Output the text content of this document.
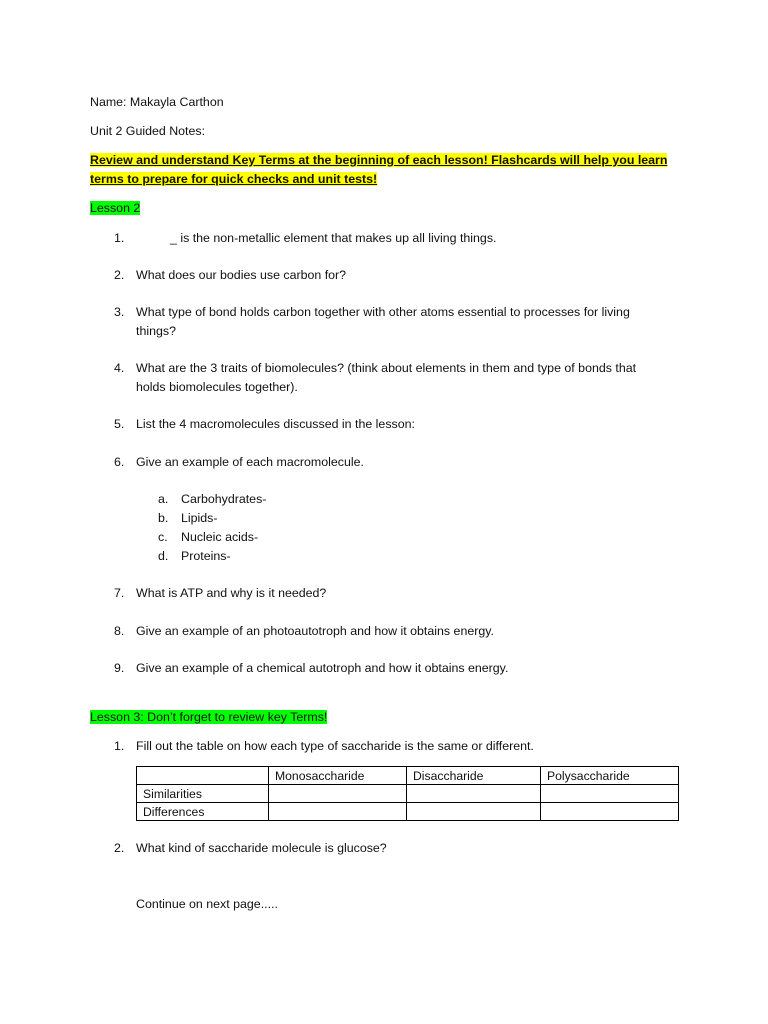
Name: Makayla Carthon
Unit 2 Guided Notes:
Review and understand Key Terms at the beginning of each lesson! Flashcards will help you learn
terms to prepare for quick checks and unit tests!
Lesson 2
1.	_ is the non-metallic element that makes up all living things.
2. What does our bodies use carbon for?
3. What type of bond holds carbon together with other atoms essential to processes for living
things?
4. What are the 3 traits of biomolecules? (think about elements in them and type of bonds that
holds biomolecules together).
5. List the 4 macromolecules discussed in the lesson:
6. Give an example of each macromolecule.
a. Carbohydrates-
b. Lipids-
c. Nucleic acids-
d. Proteins-
7. What is ATP and why is it needed?
8. Give an example of an photoautotroph and how it obtains energy.
9. Give an example of a chemical autotroph and how it obtains energy.
Lesson 3: Don’t forget to review key Terms!
1. Fill out the table on how each type of saccharide is the same or different.
	Monosaccharide	Disaccharide	Polysaccharide
Similarities			
Differences			
2. What kind of saccharide molecule is glucose?
Continue on next page.....
